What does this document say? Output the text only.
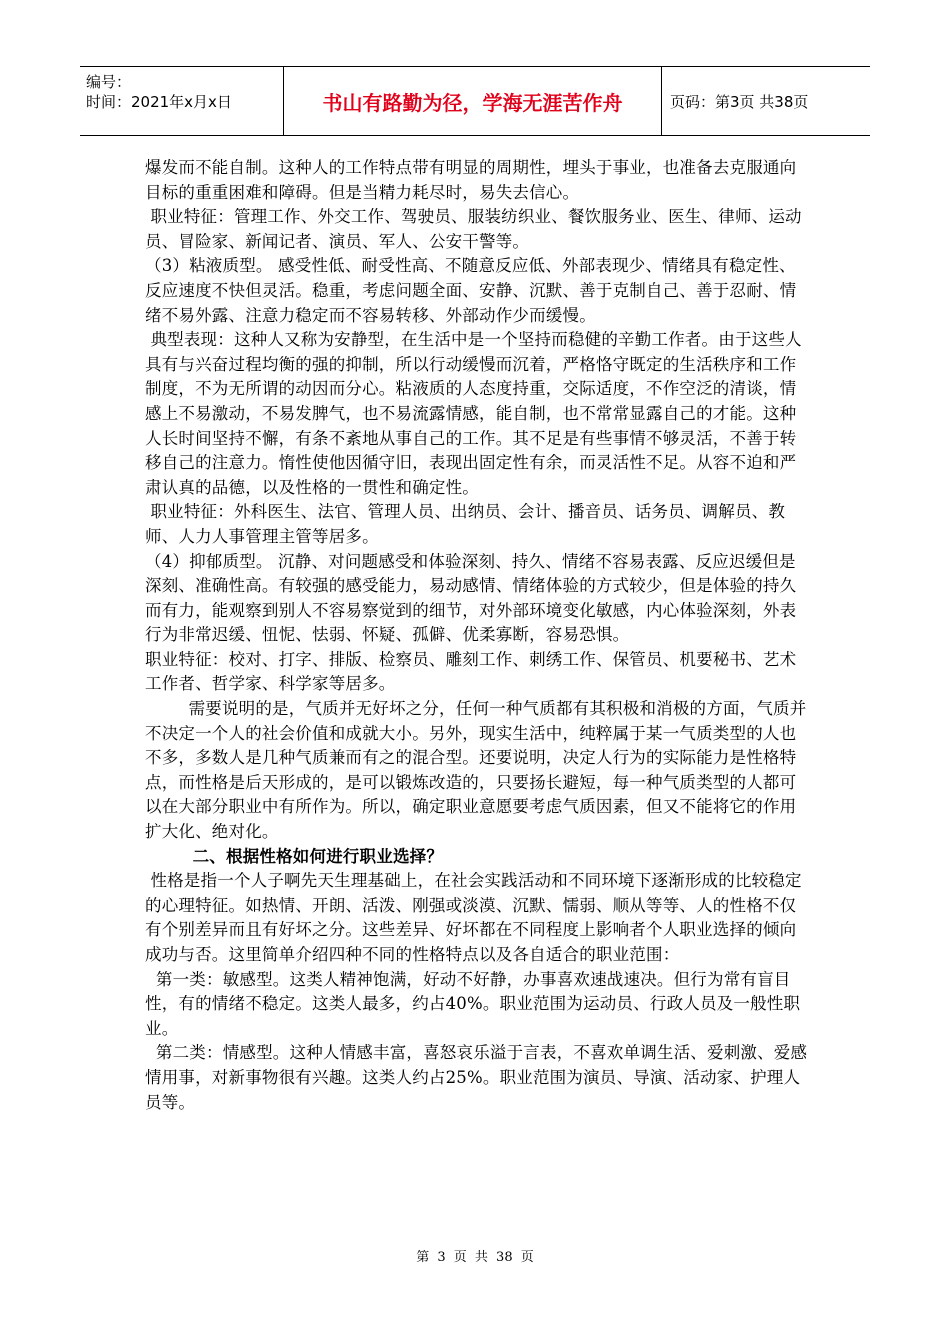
编号：
时间：2021年x月x日	书山有路勤为径，学海无涯苦作舟	页码：第3页 共38页

爆发而不能自制。这种人的工作特点带有明显的周期性，埋头于事业，也准备去克服通向目标的重重困难和障碍。但是当精力耗尽时，易失去信心。

职业特征：管理工作、外交工作、驾驶员、服装纺织业、餐饮服务业、医生、律师、运动员、冒险家、新闻记者、演员、军人、公安干警等。

（3）粘液质型。 感受性低、耐受性高、不随意反应低、外部表现少、情绪具有稳定性、反应速度不快但灵活。稳重，考虑问题全面、安静、沉默、善于克制自己、善于忍耐、情绪不易外露、注意力稳定而不容易转移、外部动作少而缓慢。

典型表现：这种人又称为安静型，在生活中是一个坚持而稳健的辛勤工作者。由于这些人具有与兴奋过程均衡的强的抑制，所以行动缓慢而沉着，严格恪守既定的生活秩序和工作制度，不为无所谓的动因而分心。粘液质的人态度持重，交际适度，不作空泛的清谈，情感上不易激动，不易发脾气，也不易流露情感，能自制，也不常常显露自己的才能。这种人长时间坚持不懈，有条不紊地从事自己的工作。其不足是有些事情不够灵活，不善于转移自己的注意力。惰性使他因循守旧，表现出固定性有余，而灵活性不足。从容不迫和严肃认真的品德，以及性格的一贯性和确定性。

职业特征：外科医生、法官、管理人员、出纳员、会计、播音员、话务员、调解员、教师、人力人事管理主管等居多。

（4）抑郁质型。 沉静、对问题感受和体验深刻、持久、情绪不容易表露、反应迟缓但是深刻、准确性高。有较强的感受能力，易动感情、情绪体验的方式较少，但是体验的持久而有力，能观察到别人不容易察觉到的细节，对外部环境变化敏感，内心体验深刻，外表行为非常迟缓、忸怩、怯弱、怀疑、孤僻、优柔寡断，容易恐惧。

职业特征：校对、打字、排版、检察员、雕刻工作、刺绣工作、保管员、机要秘书、艺术工作者、哲学家、科学家等居多。

需要说明的是，气质并无好坏之分，任何一种气质都有其积极和消极的方面，气质并不决定一个人的社会价值和成就大小。另外，现实生活中，纯粹属于某一气质类型的人也不多，多数人是几种气质兼而有之的混合型。还要说明，决定人行为的实际能力是性格特点，而性格是后天形成的，是可以锻炼改造的，只要扬长避短，每一种气质类型的人都可以在大部分职业中有所作为。所以，确定职业意愿要考虑气质因素，但又不能将它的作用扩大化、绝对化。

二、根据性格如何进行职业选择？

性格是指一个人子啊先天生理基础上，在社会实践活动和不同环境下逐渐形成的比较稳定的心理特征。如热情、开朗、活泼、刚强或淡漠、沉默、懦弱、顺从等等、人的性格不仅有个别差异而且有好坏之分。这些差异、好坏都在不同程度上影响者个人职业选择的倾向成功与否。这里简单介绍四种不同的性格特点以及各自适合的职业范围：

第一类：敏感型。这类人精神饱满，好动不好静，办事喜欢速战速决。但行为常有盲目性，有的情绪不稳定。这类人最多，约占40%。职业范围为运动员、行政人员及一般性职业。

第二类：情感型。这种人情感丰富，喜怒哀乐溢于言表，不喜欢单调生活、爱刺激、爱感情用事，对新事物很有兴趣。这类人约占25%。职业范围为演员、导演、活动家、护理人员等。

第 3 页 共 38 页
